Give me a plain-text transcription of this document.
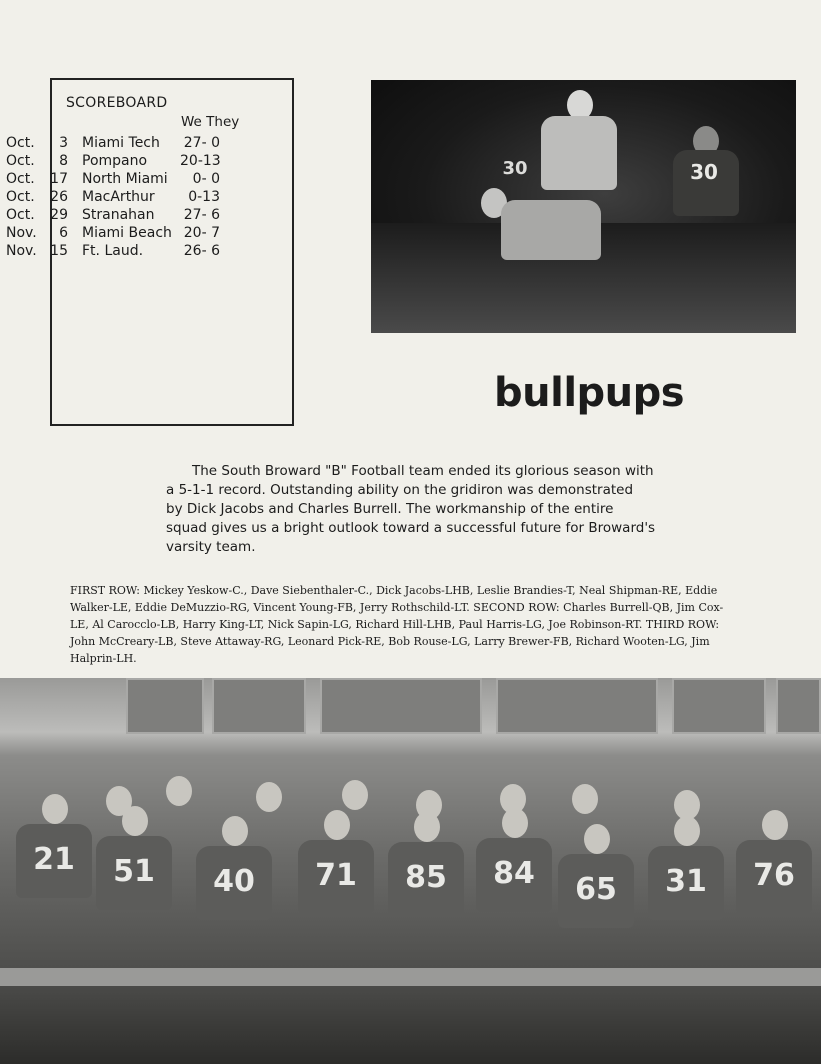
SCOREBOARD
We They
Oct.	3 Miami Tech 27- 0
Oct.	8 Pompano 20-13
Oct.	17 North Miami	0- 0
Oct.	26 MacArthur	0-13
Oct.	29 Stranahan 27- 6
Nov.	6 Miami Beach 20- 7
Nov. 15 Ft. Laud.	26- 6
30
30
bullpups

The South Broward "B" Football team ended its glorious season with
a 5-1-1 record. Outstanding ability on the gridiron was demonstrated
by Dick Jacobs and Charles Burrell. The workmanship of the entire
squad gives us a bright outlook toward a successful future for Broward's
varsity team.

FIRST ROW: Mickey Yeskow-C., Dave Siebenthaler-C., Dick Jacobs-LHB, Leslie Brandies-T, Neal Shipman-RE, Eddie
Walker-LE, Eddie DeMuzzio-RG, Vincent Young-FB, Jerry Rothschild-LT. SECOND ROW: Charles Burrell-QB, Jim Cox-
LE, Al Carocclo-LB, Harry King-LT, Nick Sapin-LG, Richard Hill-LHB, Paul Harris-LG, Joe Robinson-RT. THIRD ROW:
John McCreary-LB, Steve Attaway-RG, Leonard Pick-RE, Bob Rouse-LG, Larry Brewer-FB, Richard Wooten-LG, Jim
Halprin-LH.

21	51	40	71	85	84	65	31	76
